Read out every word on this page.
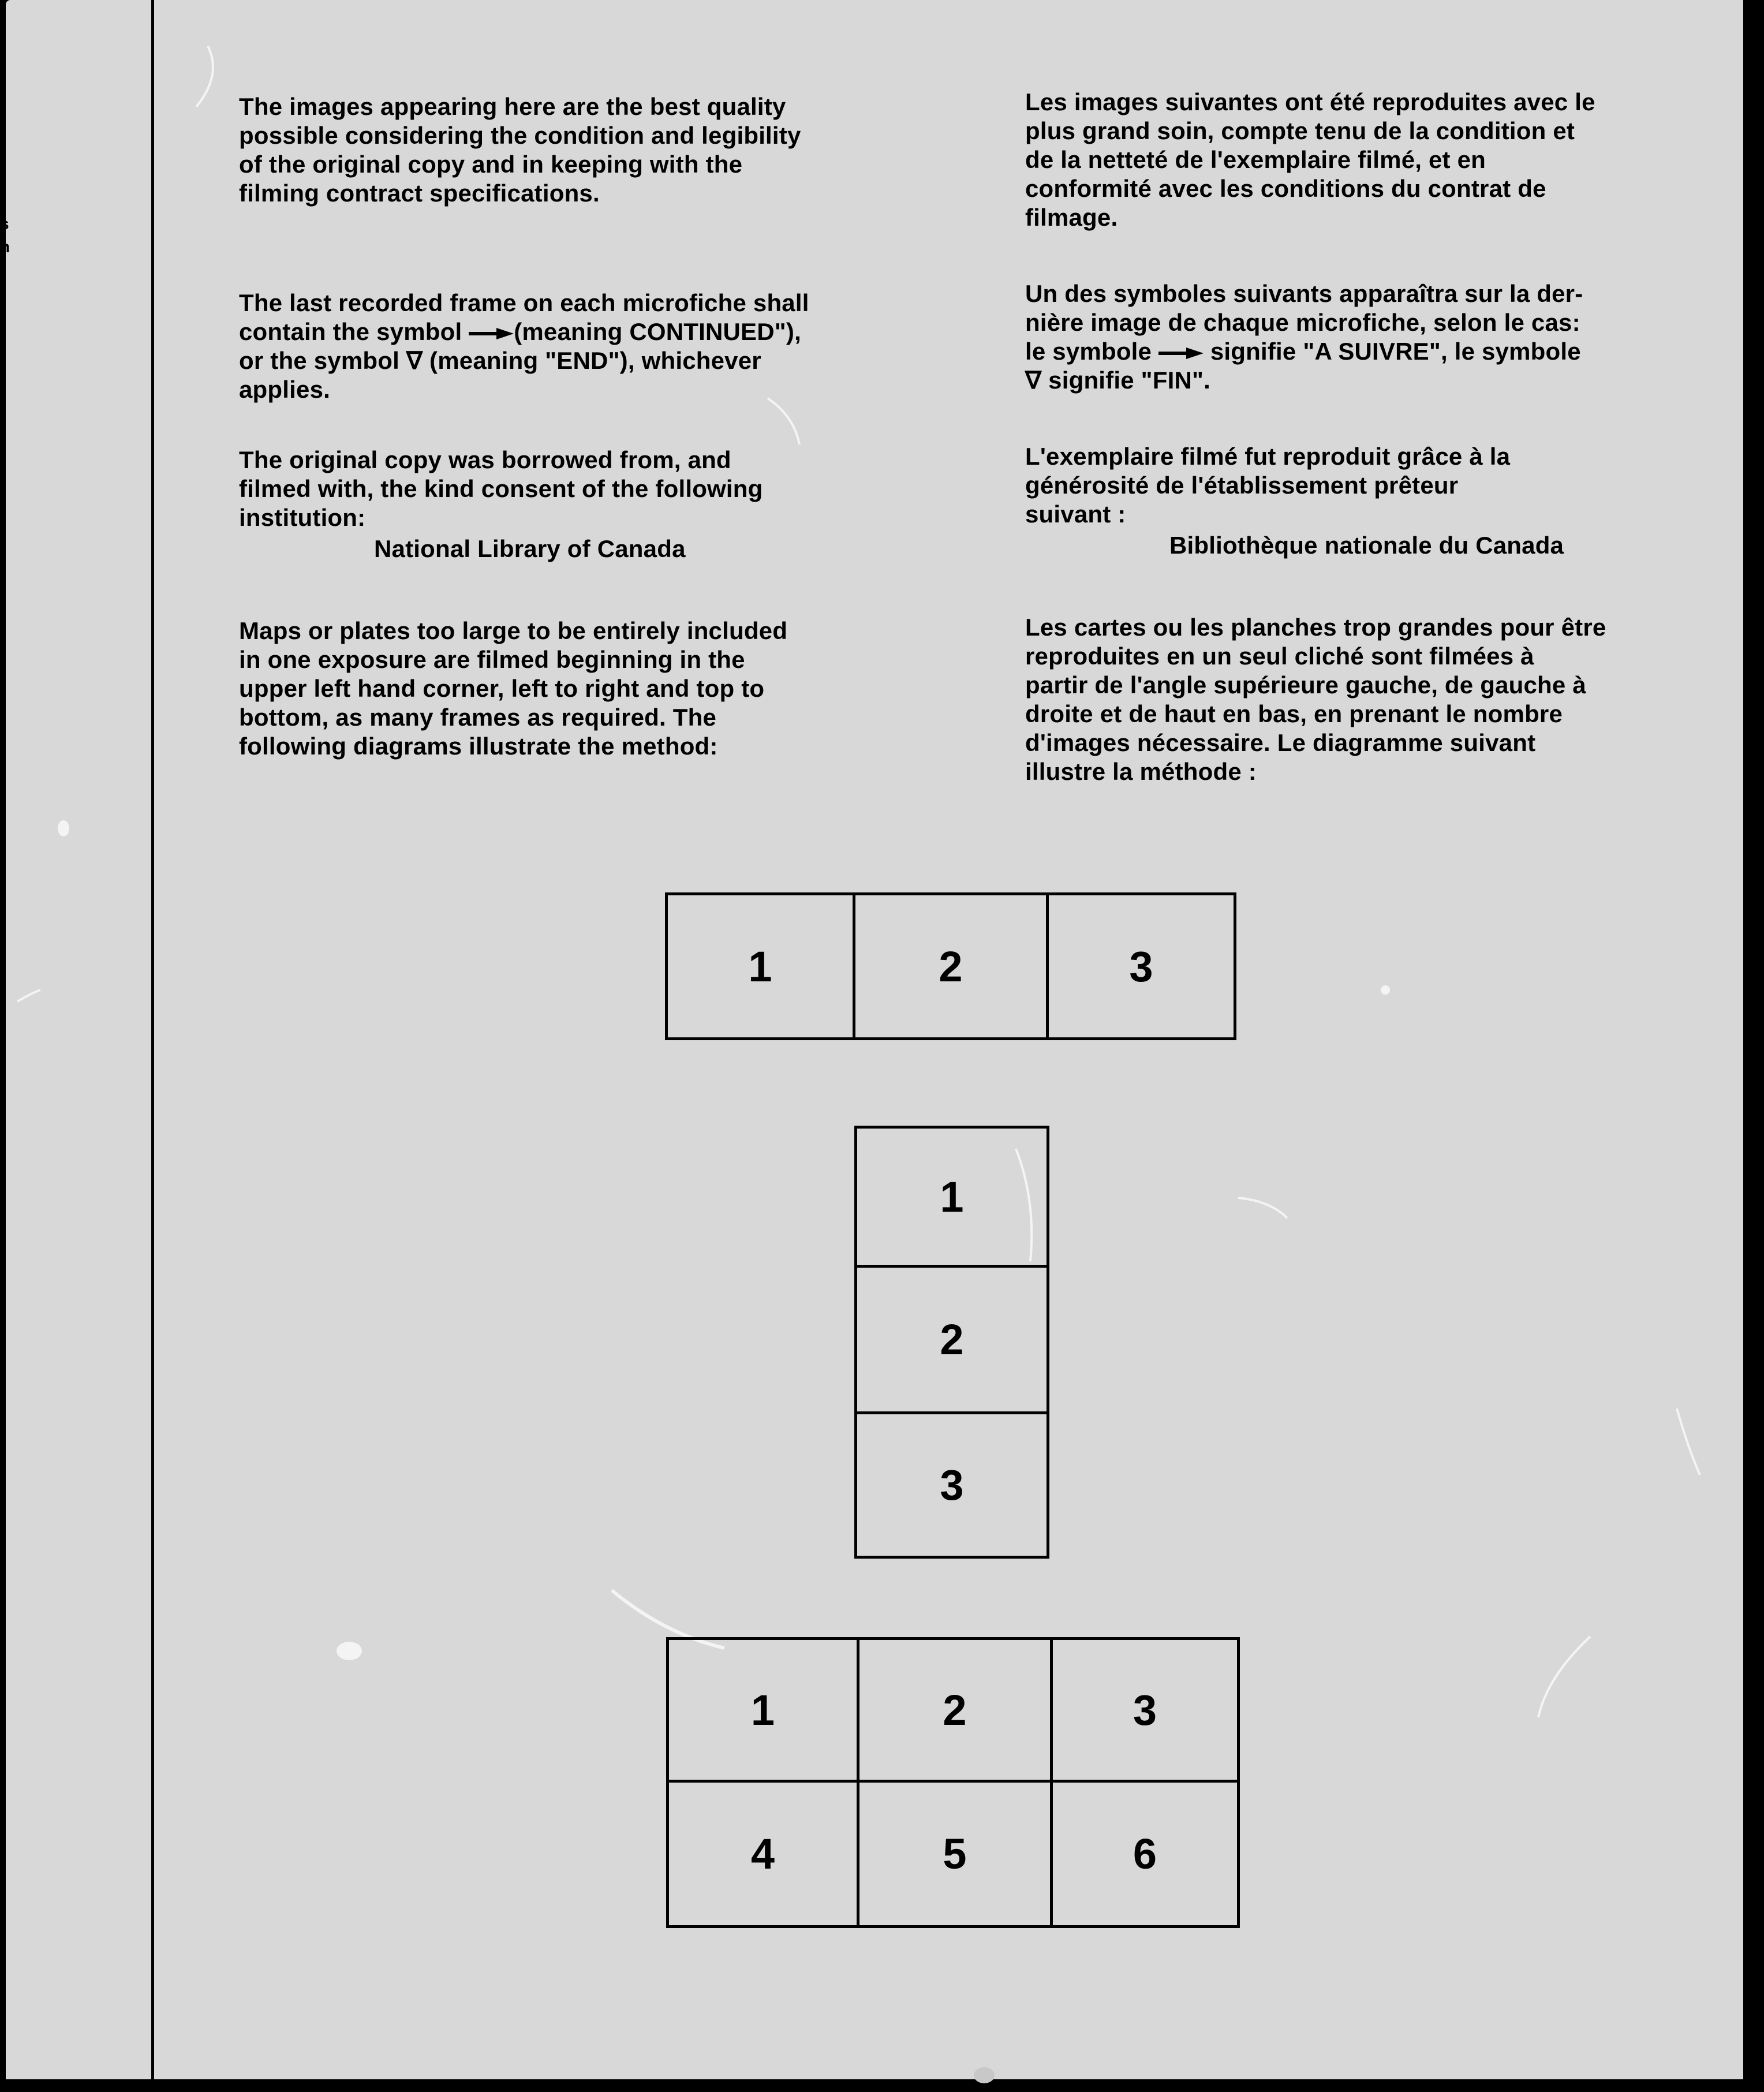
s
n

The images appearing here are the best quality
possible considering the condition and legibility
of the original copy and in keeping with the
filming contract specifications.

The last recorded frame on each microfiche shall

contain the symbol (meaning CONTINUED"),

or the symbol ∇ (meaning "END"), whichever

applies.

The original copy was borrowed from, and
filmed with, the kind consent of the following
institution:

National Library of Canada

Maps or plates too large to be entirely included
in one exposure are filmed beginning in the
upper left hand corner, left to right and top to
bottom, as many frames as required. The
following diagrams illustrate the method:

Les images suivantes ont été reproduites avec le
plus grand soin, compte tenu de la condition et
de la netteté de l'exemplaire filmé, et en
conformité avec les conditions du contrat de
filmage.

Un des symboles suivants apparaîtra sur la der-

nière image de chaque microfiche, selon le cas:

le symbole  signifie "A SUIVRE", le symbole

∇ signifie "FIN".

L'exemplaire filmé fut reproduit grâce à la
générosité de l'établissement prêteur
suivant :

Bibliothèque nationale du Canada

Les cartes ou les planches trop grandes pour être
reproduites en un seul cliché sont filmées à
partir de l'angle supérieure gauche, de gauche à
droite et de haut en bas, en prenant le nombre
d'images nécessaire. Le diagramme suivant
illustre la méthode :

1	2	3
1
2
3
1	2	3
4	5	6
